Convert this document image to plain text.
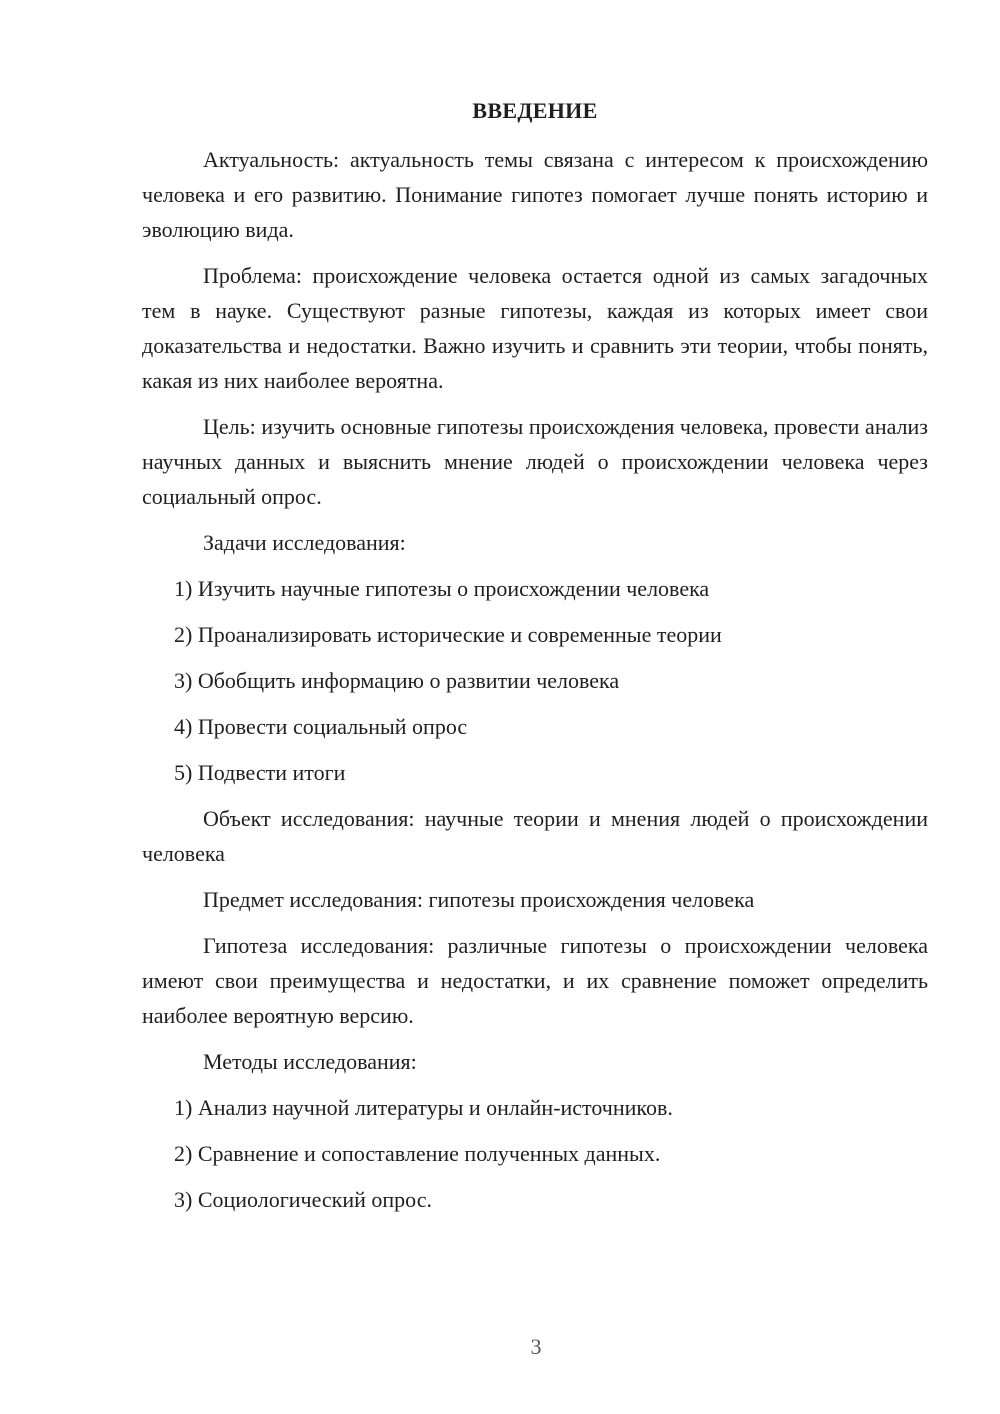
ВВЕДЕНИЕ

Актуальность: актуальность темы связана с интересом к происхождению человека и его развитию. Понимание гипотез помогает лучше понять историю и эволюцию вида.

Проблема: происхождение человека остается одной из самых загадочных тем в науке. Существуют разные гипотезы, каждая из которых имеет свои доказательства и недостатки. Важно изучить и сравнить эти теории, чтобы понять, какая из них наиболее вероятна.

Цель: изучить основные гипотезы происхождения человека, провести анализ научных данных и выяснить мнение людей о происхождении человека через социальный опрос.

Задачи исследования:

1) Изучить научные гипотезы о происхождении человека

2) Проанализировать исторические и современные теории

3) Обобщить информацию о развитии человека

4) Провести социальный опрос

5) Подвести итоги

Объект исследования: научные теории и мнения людей о происхождении человека

Предмет исследования: гипотезы происхождения человека

Гипотеза исследования: различные гипотезы о происхождении человека имеют свои преимущества и недостатки, и их сравнение поможет определить наиболее вероятную версию.

Методы исследования:

1) Анализ научной литературы и онлайн-источников.

2) Сравнение и сопоставление полученных данных.

3) Социологический опрос.

3
